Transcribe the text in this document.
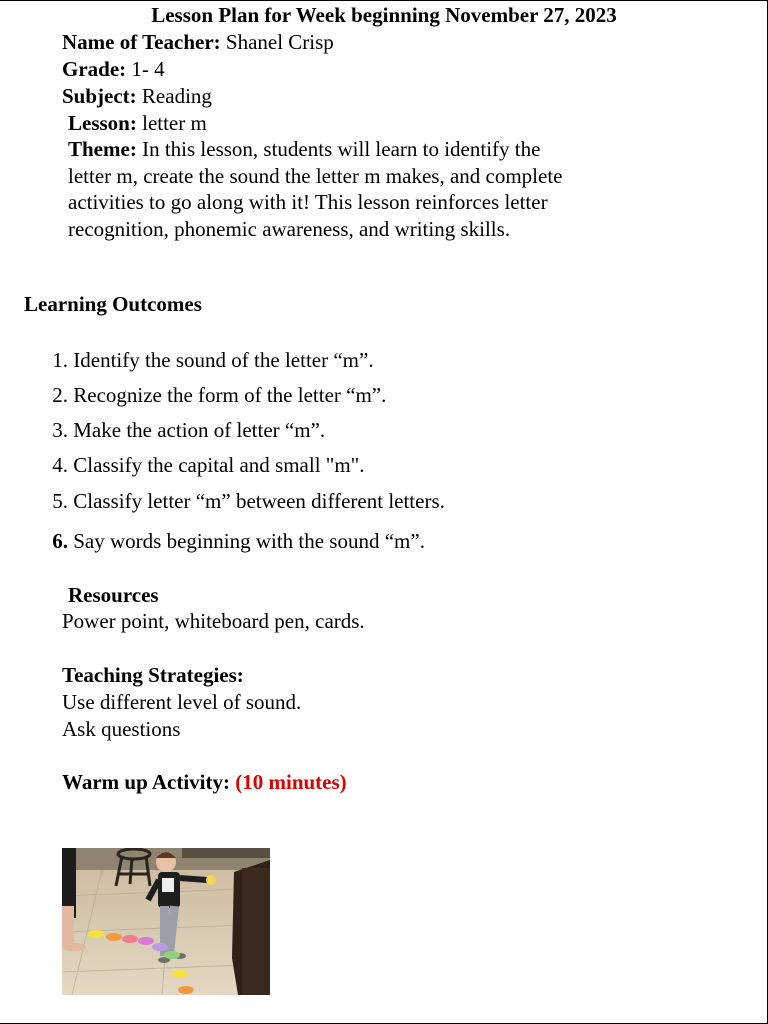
Lesson Plan for Week beginning November 27, 2023
Name of Teacher: Shanel Crisp
Grade: 1- 4
Subject: Reading
Lesson: letter m
Theme: In this lesson, students will learn to identify the letter m, create the sound the letter m makes, and complete activities to go along with it! This lesson reinforces letter recognition, phonemic awareness, and writing skills.
Learning Outcomes
1. Identify the sound of the letter “m”.
2. Recognize the form of the letter “m”.
3. Make the action of letter “m”.
4. Classify the capital and small "m".
5. Classify letter “m” between different letters.
6. Say words beginning with the sound “m”.
Resources
Power point, whiteboard pen, cards.
Teaching Strategies:
Use different level of sound.
Ask questions
Warm up Activity: (10 minutes)
